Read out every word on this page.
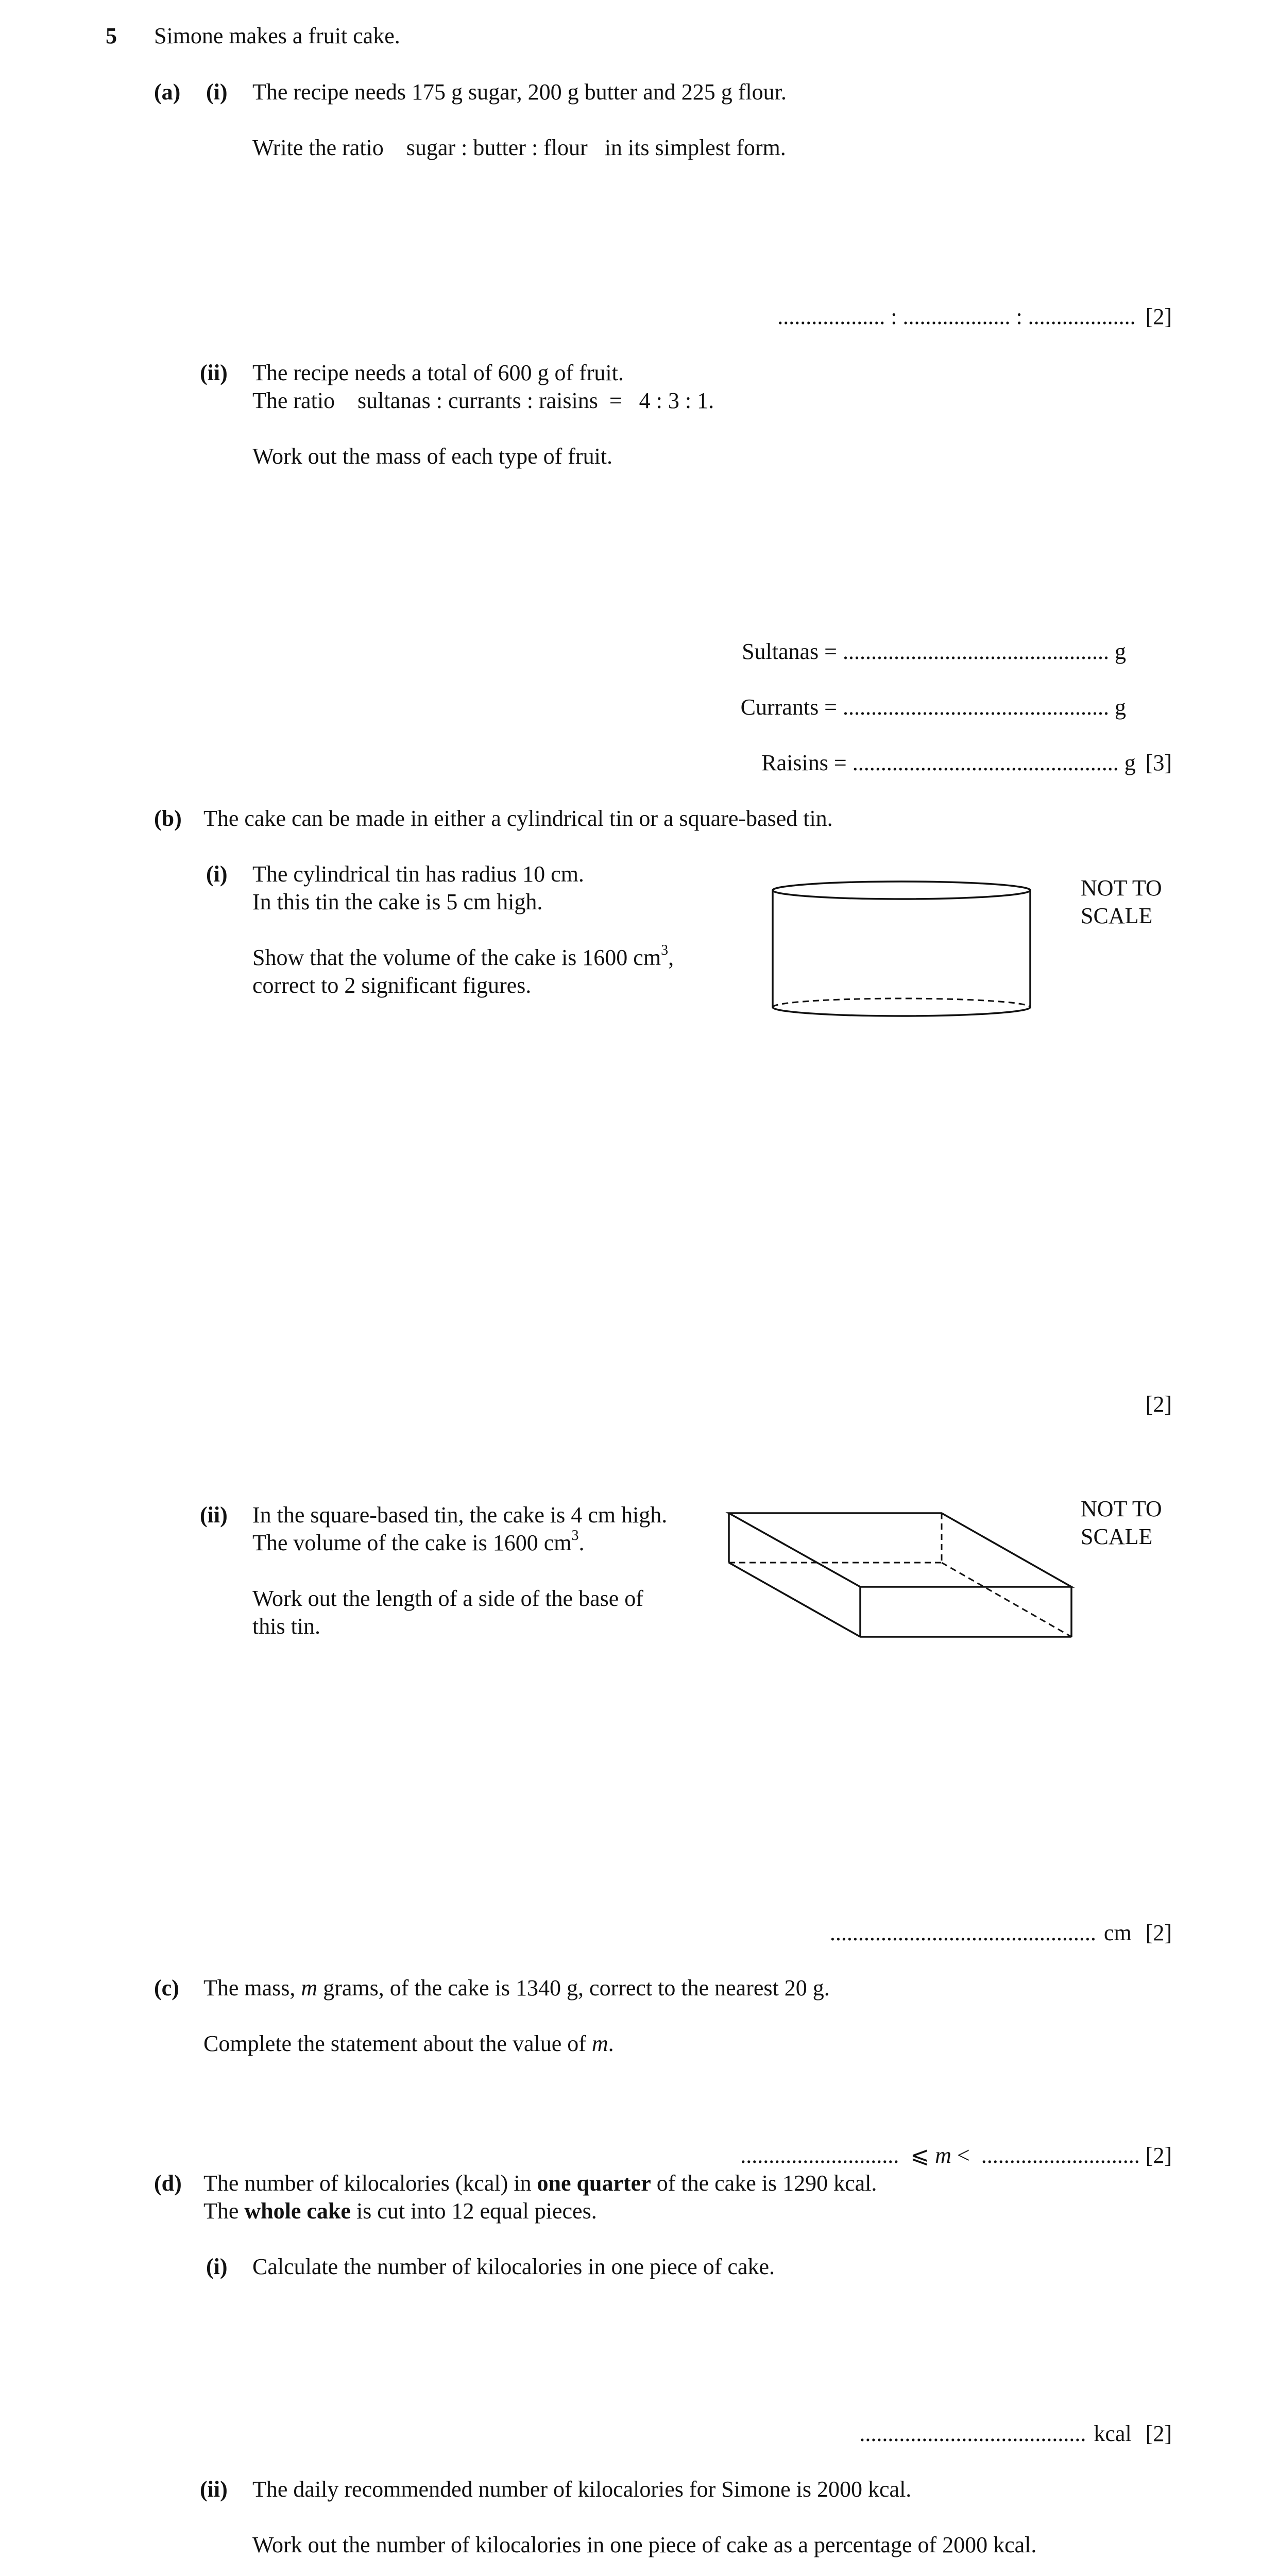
5 Simone makes a fruit cake.
(a) (i) The recipe needs 175 g sugar, 200 g butter and 225 g flour.
Write the ratio    sugar : butter : flour   in its simplest form.
................... : ................... : ................... [2]
(ii) The recipe needs a total of 600 g of fruit.
The ratio    sultanas : currants : raisins  =   4 : 3 : 1.
Work out the mass of each type of fruit.
Sultanas = ............................................... g
Currants = ............................................... g
Raisins = ............................................... g [3]
(b) The cake can be made in either a cylindrical tin or a square-based tin.
(i) The cylindrical tin has radius 10 cm.
In this tin the cake is 5 cm high.
Show that the volume of the cake is 1600 $cm^3$,
correct to 2 significant figures.
NOT TO
SCALE
[2]
(ii) In the square-based tin, the cake is 4 cm high.
The volume of the cake is 1600 $cm^3$.
Work out the length of a side of the base of
this tin.
NOT TO
SCALE
............................................... cm [2]
(c) The mass, m grams, of the cake is 1340 g, correct to the nearest 20 g.
Complete the statement about the value of m.

............................  ⩽ m <  ............................ [2]

(d) The number of kilocalories (kcal) in one quarter of the cake is 1290 kcal.
The whole cake is cut into 12 equal pieces.
(i) Calculate the number of kilocalories in one piece of cake.
........................................ kcal [2]
(ii) The daily recommended number of kilocalories for Simone is 2000 kcal.
Work out the number of kilocalories in one piece of cake as a percentage of 2000 kcal.
